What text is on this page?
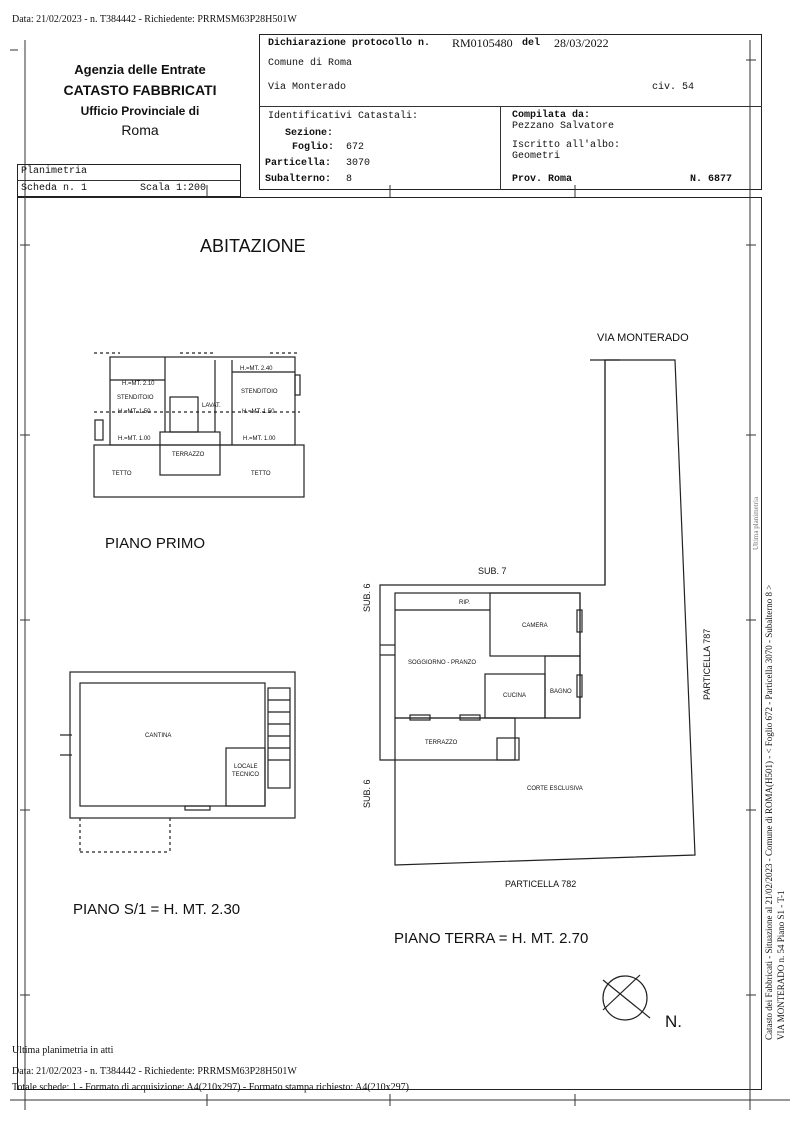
Data: 21/02/2023 - n. T384442 - Richiedente: PRRMSM63P28H501W
Agenzia delle Entrate
CATASTO FABBRICATI
Ufficio Provinciale di
Roma
Dichiarazione protocollo n. RM0105480 del 28/03/2022
Comune di Roma
Via Monterado	civ. 54
Identificativi Catastali:
Sezione:
Foglio: 672
Particella: 3070
Subalterno: 8
Compilata da:
Pezzano Salvatore
Iscritto all'albo:
Geometri
Prov. Roma	N. 6877
Planimetria
Scheda n. 1	Scala 1:200
ABITAZIONE
PIANO PRIMO
PIANO S/1 = H. MT. 2.30
PIANO TERRA = H. MT. 2.70
H.=MT. 2.10
H.=MT. 2.40
STENDITOIO
STENDITOIO
LAVAT.
H.=MT. 1.50	H.=MT. 1.50
H.=MT. 1.00	H.=MT. 1.00
TERRAZZO
TETTO	TETTO
CANTINA
LOCALE
TECNICO
VIA MONTERADO
SUB. 7
SUB. 6
SUB. 6
PARTICELLA 787
PARTICELLA 782
RIP.
CAMERA
SOGGIORNO - PRANZO
CUCINA
BAGNO
TERRAZZO
CORTE ESCLUSIVA
N.	Catasto dei Fabbricati - Situazione al 21/02/2023 - Comune di ROMA(H501) - < Foglio 672 - Particella 3070 - Subalterno 8 > VIA MONTERADO n. 54 Piano S1 - T-1
Ultima planimetria
Ultima planimetria in atti
Data: 21/02/2023 - n. T384442 - Richiedente: PRRMSM63P28H501W
Totale schede: 1 - Formato di acquisizione: A4(210x297) - Formato stampa richiesto: A4(210x297)
